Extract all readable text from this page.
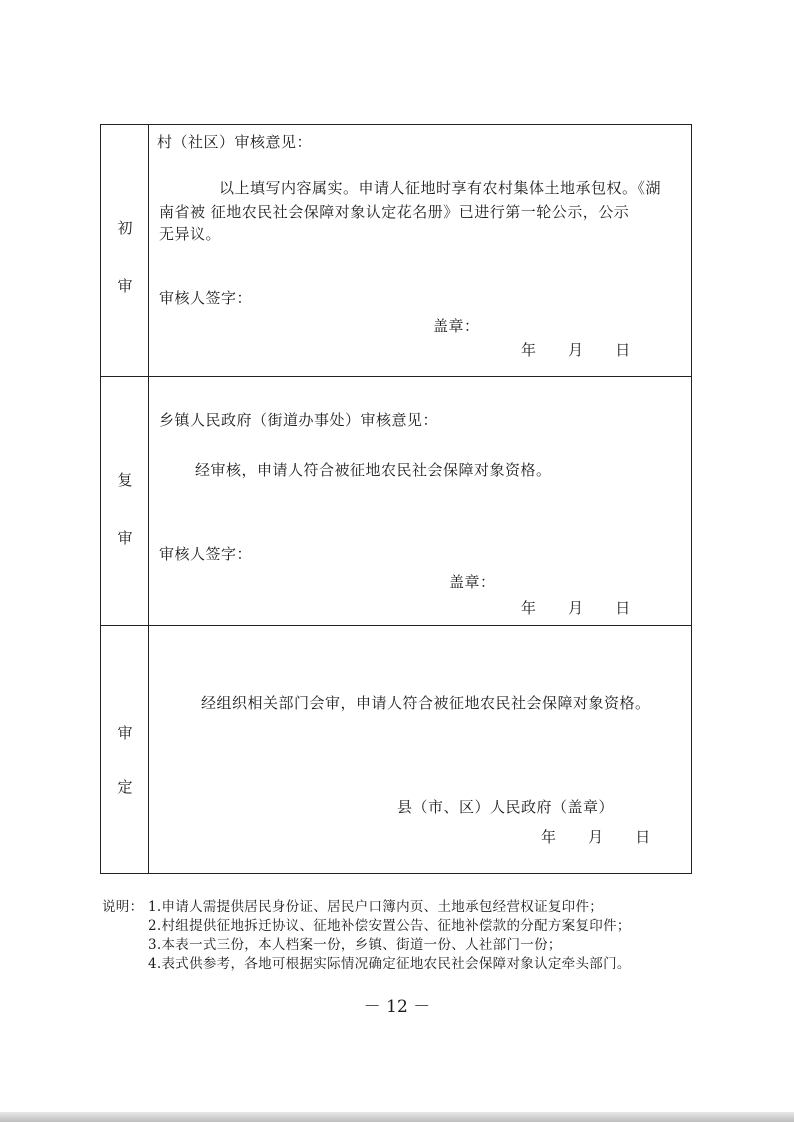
初
审
村（社区）审核意见：
以上填写内容属实。申请人征地时享有农村集体土地承包权。《湖
南省被 征地农民社会保障对象认定花名册》已进行第一轮公示，公示
无异议。
审核人签字：
盖章：
年      月      日
复
审
乡镇人民政府（街道办事处）审核意见：
经审核，申请人符合被征地农民社会保障对象资格。
审核人签字：
盖章：
年      月      日
审
定
经组织相关部门会审，申请人符合被征地农民社会保障对象资格。
县（市、区）人民政府（盖章）
年      月      日
说明： 1.申请人需提供居民身份证、居民户口簿内页、土地承包经营权证复印件；
2.村组提供征地拆迁协议、征地补偿安置公告、征地补偿款的分配方案复印件；
3.本表一式三份，本人档案一份，乡镇、街道一份、人社部门一份；
4.表式供参考，各地可根据实际情况确定征地农民社会保障对象认定牵头部门。
－ 12 －
